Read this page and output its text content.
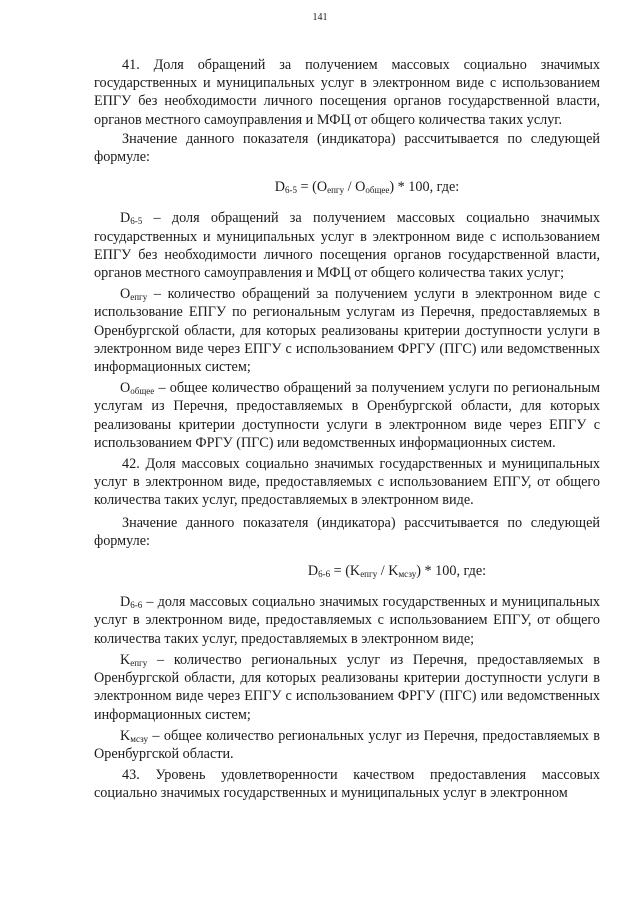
141

41. Доля обращений за получением массовых социально значимых государственных и муниципальных услуг в электронном виде с использованием ЕПГУ без необходимости личного посещения органов государственной власти, органов местного самоуправления и МФЦ от общего количества таких услуг.

Значение данного показателя (индикатора) рассчитывается по следующей формуле:

$D_{6-5} = (O_{епгу} / O_{общее}) * 100$, где:

$D_{6-5}$ – доля обращений за получением массовых социально значимых государственных и муниципальных услуг в электронном виде с использованием ЕПГУ без необходимости личного посещения органов государственной власти, органов местного самоуправления и МФЦ от общего количества таких услуг;

$O_{епгу}$ – количество обращений за получением услуги в электронном виде с использование ЕПГУ по региональным услугам из Перечня, предоставляемых в Оренбургской области, для которых реализованы критерии доступности услуги в электронном виде через ЕПГУ с использованием ФРГУ (ПГС) или ведомственных информационных систем;

$O_{общее}$ – общее количество обращений за получением услуги по региональным услугам из Перечня, предоставляемых в Оренбургской области, для которых реализованы критерии доступности услуги в электронном виде через ЕПГУ с использованием ФРГУ (ПГС) или ведомственных информационных систем.

42. Доля массовых социально значимых государственных и муниципальных услуг в электронном виде, предоставляемых с использованием ЕПГУ, от общего количества таких услуг, предоставляемых в электронном виде.

Значение данного показателя (индикатора) рассчитывается по следующей формуле:

$D_{6-6} = (K_{епгу} / K_{мсзу}) * 100$, где:

$D_{6-6}$ – доля массовых социально значимых государственных и муниципальных услуг в электронном виде, предоставляемых с использованием ЕПГУ, от общего количества таких услуг, предоставляемых в электронном виде;

$K_{епгу}$ – количество региональных услуг из Перечня, предоставляемых в Оренбургской области, для которых реализованы критерии доступности услуги в электронном виде через ЕПГУ с использованием ФРГУ (ПГС) или ведомственных информационных систем;

$K_{мсзу}$ – общее количество региональных услуг из Перечня, предоставляемых в Оренбургской области.

43. Уровень удовлетворенности качеством предоставления массовых социально значимых государственных и муниципальных услуг в электронном
